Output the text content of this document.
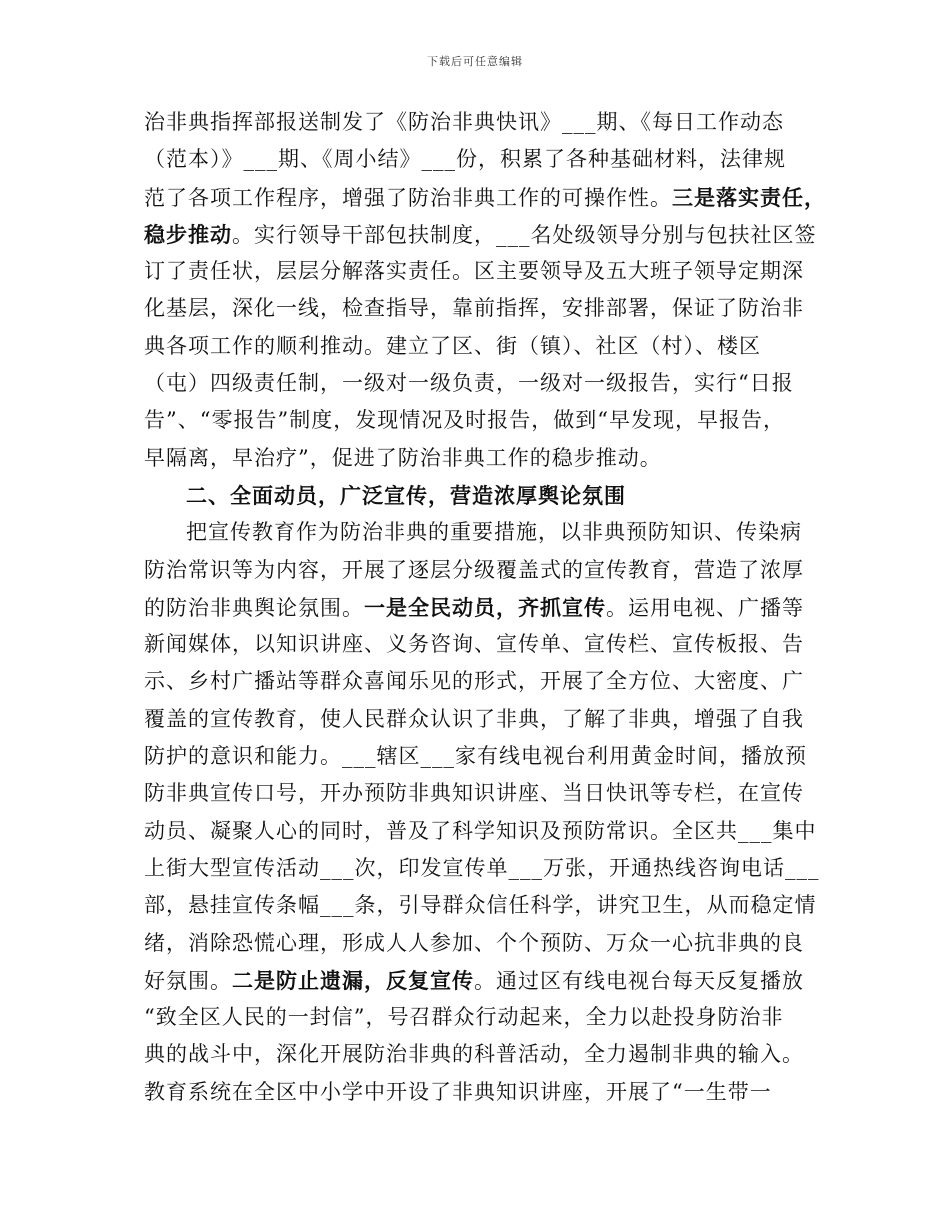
下载后可任意编辑
治非典指挥部报送制发了《防治非典快讯》___期、《每日工作动态
（范本）》___期、《周小结》___份，积累了各种基础材料，法律规
范了各项工作程序，增强了防治非典工作的可操作性。三是落实责任，
稳步推动。实行领导干部包扶制度，___名处级领导分别与包扶社区签
订了责任状，层层分解落实责任。区主要领导及五大班子领导定期深
化基层，深化一线，检查指导，靠前指挥，安排部署，保证了防治非
典各项工作的顺利推动。建立了区、街（镇）、社区（村）、楼区
（屯）四级责任制，一级对一级负责，一级对一级报告，实行“日报
告”、“零报告”制度，发现情况及时报告，做到“早发现，早报告，
早隔离，早治疗”，促进了防治非典工作的稳步推动。
二、全面动员，广泛宣传，营造浓厚舆论氛围
把宣传教育作为防治非典的重要措施，以非典预防知识、传染病
防治常识等为内容，开展了逐层分级覆盖式的宣传教育，营造了浓厚
的防治非典舆论氛围。一是全民动员，齐抓宣传。运用电视、广播等
新闻媒体，以知识讲座、义务咨询、宣传单、宣传栏、宣传板报、告
示、乡村广播站等群众喜闻乐见的形式，开展了全方位、大密度、广
覆盖的宣传教育，使人民群众认识了非典，了解了非典，增强了自我
防护的意识和能力。___辖区___家有线电视台利用黄金时间，播放预
防非典宣传口号，开办预防非典知识讲座、当日快讯等专栏，在宣传
动员、凝聚人心的同时，普及了科学知识及预防常识。全区共___集中
上街大型宣传活动___次，印发宣传单___万张，开通热线咨询电话___
部，悬挂宣传条幅___条，引导群众信任科学，讲究卫生，从而稳定情
绪，消除恐慌心理，形成人人参加、个个预防、万众一心抗非典的良
好氛围。二是防止遗漏，反复宣传。通过区有线电视台每天反复播放
“致全区人民的一封信”，号召群众行动起来，全力以赴投身防治非
典的战斗中，深化开展防治非典的科普活动，全力遏制非典的输入。
教育系统在全区中小学中开设了非典知识讲座，开展了“一生带一
